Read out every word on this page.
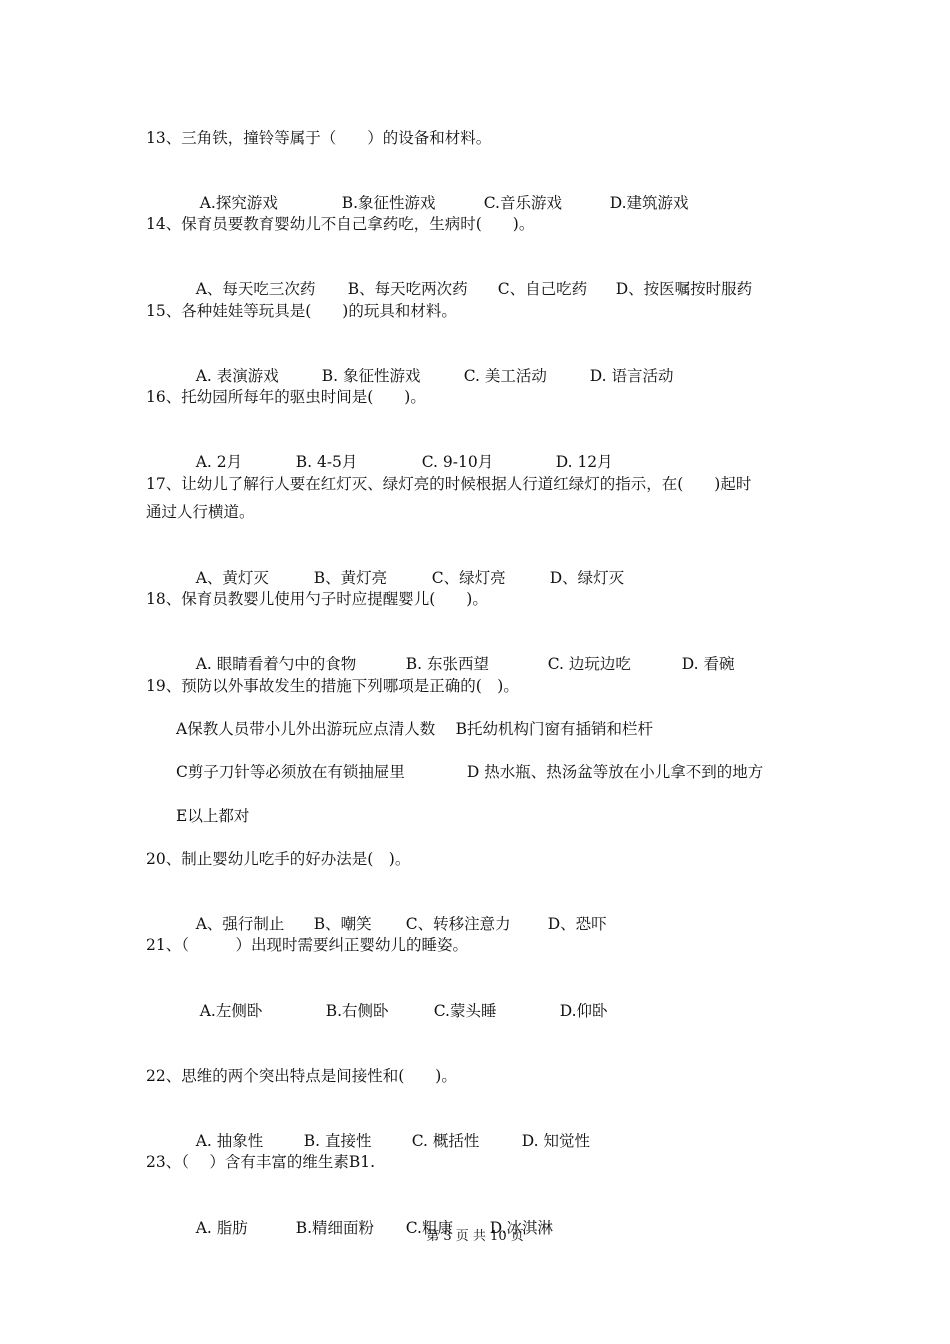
13、三角铁，撞铃等属于（　　）的设备和材料。

A.探究游戏	B.象征性游戏	C.音乐游戏	D.建筑游戏

14、保育员要教育婴幼儿不自己拿药吃，生病时(　　)。

A、每天吃三次药 B、每天吃两次药 C、自己吃药 D、按医嘱按时服药

15、各种娃娃等玩具是(　　)的玩具和材料。

A. 表演游戏	B. 象征性游戏	C. 美工活动	D. 语言活动

16、托幼园所每年的驱虫时间是(　　)。

A. 2月	B. 4-5月	C. 9-10月	D. 12月

17、让幼儿了解行人要在红灯灭、绿灯亮的时候根据人行道红绿灯的指示，在(　　)起时
通过人行横道。

A、黄灯灭	B、黄灯亮	C、绿灯亮	D、绿灯灭

18、保育员教婴儿使用勺子时应提醒婴儿(　　)。

A. 眼睛看着勺中的食物	B. 东张西望	C. 边玩边吃	D. 看碗

19、预防以外事故发生的措施下列哪项是正确的(　)。
A保教人员带小儿外出游玩应点清人数　 B托幼机构门窗有插销和栏杆
C剪子刀针等必须放在有锁抽屉里　　　　D 热水瓶、热汤盆等放在小儿拿不到的地方
E以上都对
20、制止婴幼儿吃手的好办法是(　)。

A、强行制止 B、嘲笑 C、转移注意力 D、恐吓

21、（　　　）出现时需要纠正婴幼儿的睡姿。

A.左侧卧	B.右侧卧	C.蒙头睡	D.仰卧

22、思维的两个突出特点是间接性和(　　)。

A. 抽象性	B. 直接性	C. 概括性	D. 知觉性

23、（　 ）含有丰富的维生素B1.

A. 脂肪	B.精细面粉 C.粗康 D.冰淇淋

第 3 页 共 10 页
